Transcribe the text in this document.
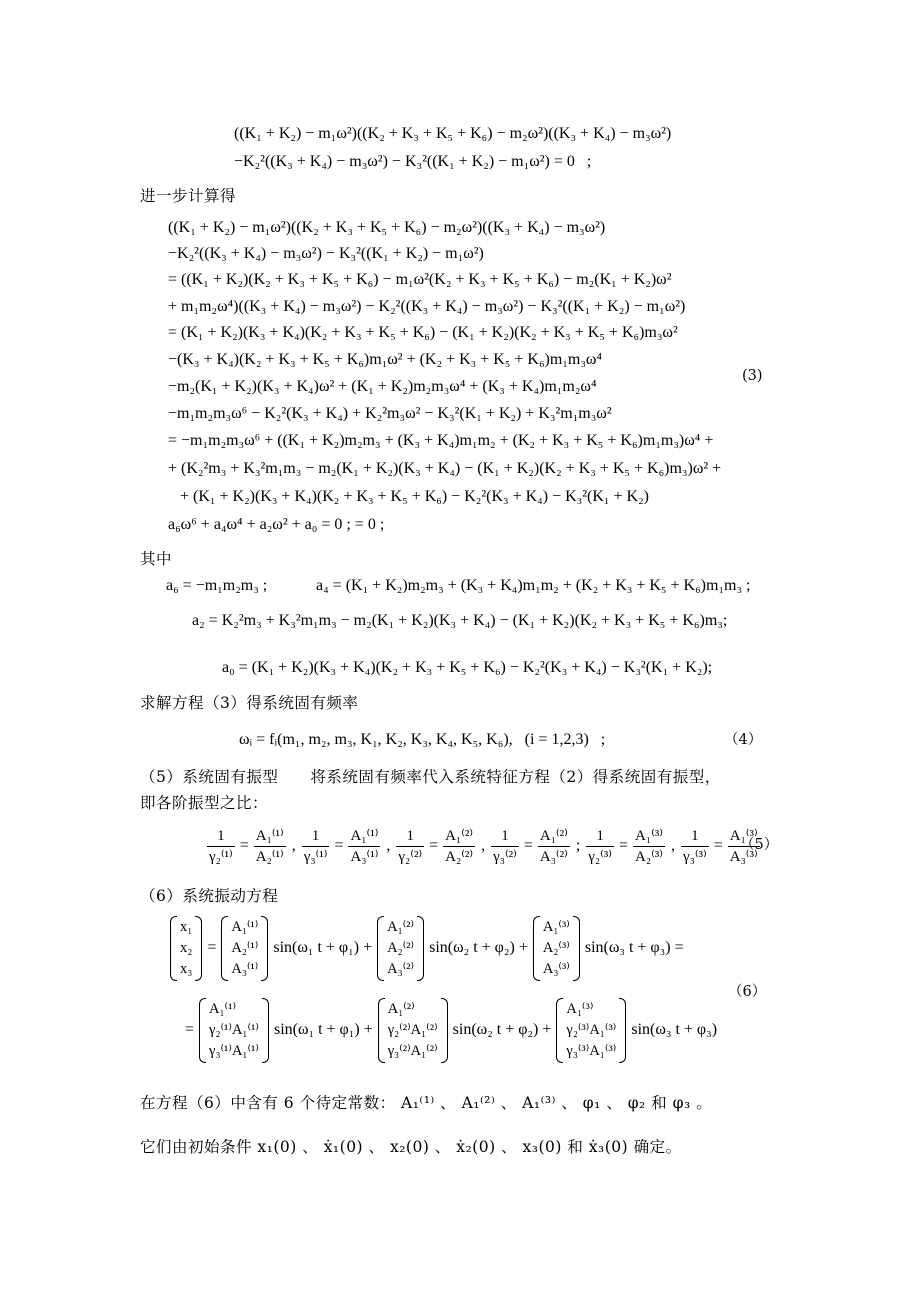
((K₁ + K₂) − m₁ω²)((K₂ + K₃ + K₅ + K₆) − m₂ω²)((K₃ + K₄) − m₃ω²)
−K₂²((K₃ + K₄) − m₃ω²) − K₃²((K₁ + K₂) − m₁ω²) = 0   ;
进一步计算得
((K₁ + K₂) − m₁ω²)((K₂ + K₃ + K₅ + K₆) − m₂ω²)((K₃ + K₄) − m₃ω²)
−K₂²((K₃ + K₄) − m₃ω²) − K₃²((K₁ + K₂) − m₁ω²)
= ((K₁ + K₂)(K₂ + K₃ + K₅ + K₆) − m₁ω²(K₂ + K₃ + K₅ + K₆) − m₂(K₁ + K₂)ω²
+ m₁m₂ω⁴)((K₃ + K₄) − m₃ω²) − K₂²((K₃ + K₄) − m₃ω²) − K₃²((K₁ + K₂) − m₁ω²)
= (K₁ + K₂)(K₃ + K₄)(K₂ + K₃ + K₅ + K₆) − (K₁ + K₂)(K₂ + K₃ + K₅ + K₆)m₃ω²
−(K₃ + K₄)(K₂ + K₃ + K₅ + K₆)m₁ω² + (K₂ + K₃ + K₅ + K₆)m₁m₃ω⁴
−m₂(K₁ + K₂)(K₃ + K₄)ω² + (K₁ + K₂)m₂m₃ω⁴ + (K₃ + K₄)m₁m₂ω⁴
−m₁m₂m₃ω⁶ − K₂²(K₃ + K₄) + K₂²m₃ω² − K₃²(K₁ + K₂) + K₃²m₁m₃ω²
= −m₁m₂m₃ω⁶ + ((K₁ + K₂)m₂m₃ + (K₃ + K₄)m₁m₂ + (K₂ + K₃ + K₅ + K₆)m₁m₃)ω⁴ +
+ (K₂²m₃ + K₃²m₁m₃ − m₂(K₁ + K₂)(K₃ + K₄) − (K₁ + K₂)(K₂ + K₃ + K₅ + K₆)m₃)ω² +
+ (K₁ + K₂)(K₃ + K₄)(K₂ + K₃ + K₅ + K₆) − K₂²(K₃ + K₄) − K₃²(K₁ + K₂)
a₆ω⁶ + a₄ω⁴ + a₂ω² + a₀ = 0 ; = 0 ;
(3)
其中
a₆ = −m₁m₂m₃ ;	a₄ = (K₁ + K₂)m₂m₃ + (K₃ + K₄)m₁m₂ + (K₂ + K₃ + K₅ + K₆)m₁m₃ ;
a₂ = K₂²m₃ + K₃²m₁m₃ − m₂(K₁ + K₂)(K₃ + K₄) − (K₁ + K₂)(K₂ + K₃ + K₅ + K₆)m₃;
a₀ = (K₁ + K₂)(K₃ + K₄)(K₂ + K₃ + K₅ + K₆) − K₂²(K₃ + K₄) − K₃²(K₁ + K₂);
求解方程（3）得系统固有频率
ωᵢ = fᵢ(m₁, m₂, m₃, K₁, K₂, K₃, K₄, K₅, K₆),   (i = 1,2,3)   ;	（4）
（5）系统固有振型　　将系统固有频率代入系统特征方程（2）得系统固有振型，
即各阶振型之比：
1
γ₂⁽¹⁾
=
A₁⁽¹⁾
A₂⁽¹⁾
,
1
γ₃⁽¹⁾
=
A₁⁽¹⁾
A₃⁽¹⁾
,
1
γ₂⁽²⁾
=
A₁⁽²⁾
A₂⁽²⁾
,
1
γ₃⁽²⁾
=
A₁⁽²⁾
A₃⁽²⁾
;
1
γ₂⁽³⁾
=
A₁⁽³⁾
A₂⁽³⁾
,
1
γ₃⁽³⁾
=
A₁⁽³⁾
A₃⁽³⁾
（5）
（6）系统振动方程
x₁
x₂
x₃
=
A₁⁽¹⁾
A₂⁽¹⁾
A₃⁽¹⁾
sin(ω₁ t + φ₁) +
A₁⁽²⁾
A₂⁽²⁾
A₃⁽²⁾
sin(ω₂ t + φ₂) +
A₁⁽³⁾
A₂⁽³⁾
A₃⁽³⁾
sin(ω₃ t + φ₃) =
=
A₁⁽¹⁾
γ₂⁽¹⁾A₁⁽¹⁾
γ₃⁽¹⁾A₁⁽¹⁾
sin(ω₁ t + φ₁) +
A₁⁽²⁾
γ₂⁽²⁾A₁⁽²⁾
γ₃⁽²⁾A₁⁽²⁾
sin(ω₂ t + φ₂) +
A₁⁽³⁾
γ₂⁽³⁾A₁⁽³⁾
γ₃⁽³⁾A₁⁽³⁾
sin(ω₃ t + φ₃)
（6）
在方程（6）中含有 6 个待定常数： A₁⁽¹⁾ 、 A₁⁽²⁾ 、 A₁⁽³⁾ 、 φ₁ 、 φ₂ 和 φ₃ 。
它们由初始条件 x₁(0) 、 ẋ₁(0) 、 x₂(0) 、 ẋ₂(0) 、 x₃(0) 和 ẋ₃(0) 确定。
